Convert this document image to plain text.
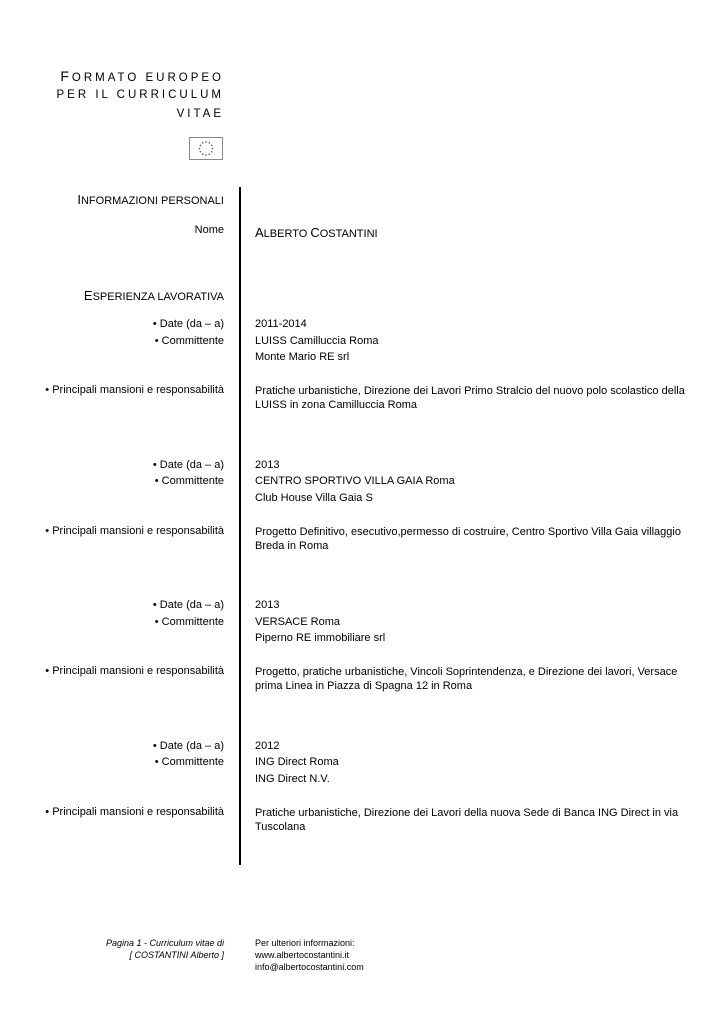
FORMATO EUROPEO
PER IL CURRICULUM
VITAE
INFORMAZIONI PERSONALI
Nome ALBERTO COSTANTINI
ESPERIENZA LAVORATIVA
• Date (da – a)	2011-2014
• Committente	LUISS Camilluccia Roma
Monte Mario RE srl
• Principali mansioni e responsabilità	Pratiche urbanistiche, Direzione dei Lavori Primo Stralcio del nuovo polo scolastico della LUISS in zona Camilluccia Roma
• Date (da – a)	2013
• Committente	CENTRO SPORTIVO VILLA GAIA Roma
Club House Villa Gaia S
• Principali mansioni e responsabilità	Progetto Definitivo, esecutivo,permesso di costruire, Centro Sportivo Villa Gaia villaggio Breda in Roma
• Date (da – a)	2013
• Committente	VERSACE Roma
Piperno RE immobiliare srl
• Principali mansioni e responsabilità	Progetto, pratiche urbanistiche, Vincoli Soprintendenza, e Direzione dei lavori, Versace prima Linea in Piazza di Spagna 12 in Roma
• Date (da – a)	2012
• Committente	ING Direct Roma
ING Direct N.V.
• Principali mansioni e responsabilità	Pratiche urbanistiche, Direzione dei Lavori della nuova Sede di Banca ING Direct in via Tuscolana
Pagina 1 - Curriculum vitae di
[ COSTANTINI Alberto ]
Per ulteriori informazioni:
www.albertocostantini.it
info@albertocostantini.com
